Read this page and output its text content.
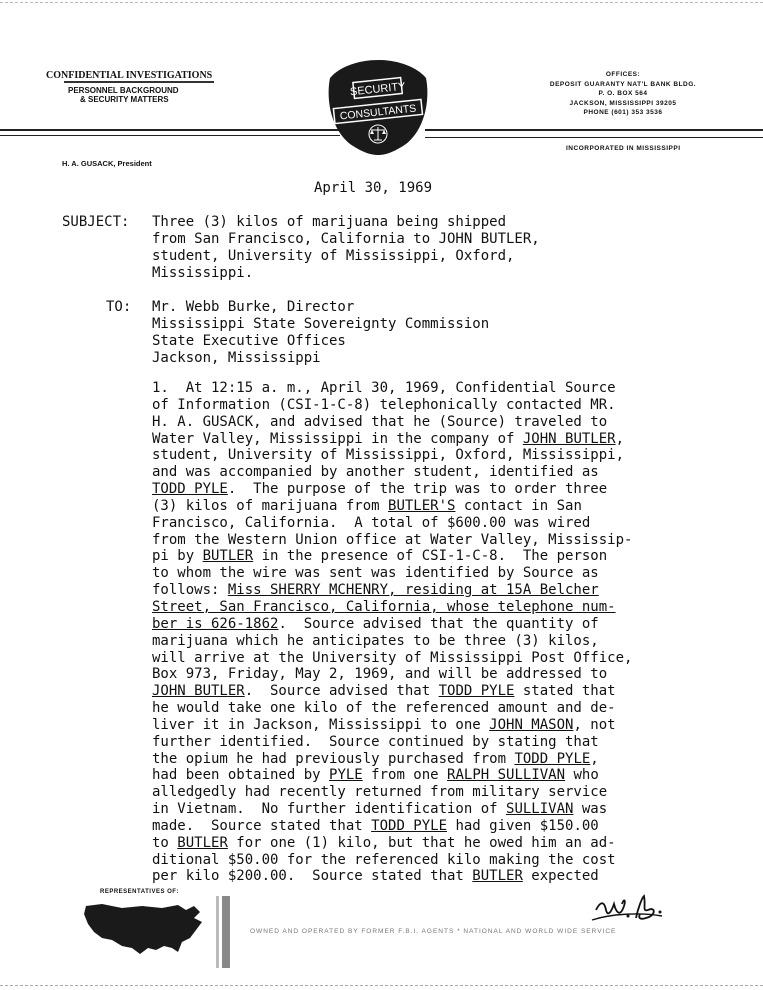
CONFIDENTIAL INVESTIGATIONS
PERSONNEL BACKGROUND
& SECURITY MATTERS
SECURITY
CONSULTANTS
OFFICES:
DEPOSIT GUARANTY NAT'L BANK BLDG.
P. O. BOX 564
JACKSON, MISSISSIPPI 39205
PHONE (601) 353 3536
INCORPORATED IN MISSISSIPPI
H. A. GUSACK, President
April 30, 1969
SUBJECT: Three (3) kilos of marijuana being shipped
from San Francisco, California to JOHN BUTLER,
student, University of Mississippi, Oxford,
Mississippi.
TO: Mr. Webb Burke, Director
Mississippi State Sovereignty Commission
State Executive Offices
Jackson, Mississippi
1.  At 12:15 a. m., April 30, 1969, Confidential Source
of Information (CSI-1-C-8) telephonically contacted MR.
H. A. GUSACK, and advised that he (Source) traveled to
Water Valley, Mississippi in the company of JOHN BUTLER,
student, University of Mississippi, Oxford, Mississippi,
and was accompanied by another student, identified as
TODD PYLE.  The purpose of the trip was to order three
(3) kilos of marijuana from BUTLER'S contact in San
Francisco, California.  A total of $600.00 was wired
from the Western Union office at Water Valley, Mississip-
pi by BUTLER in the presence of CSI-1-C-8.  The person
to whom the wire was sent was identified by Source as
follows: Miss SHERRY MCHENRY, residing at 15A Belcher
Street, San Francisco, California, whose telephone num-
ber is 626-1862.  Source advised that the quantity of
marijuana which he anticipates to be three (3) kilos,
will arrive at the University of Mississippi Post Office,
Box 973, Friday, May 2, 1969, and will be addressed to
JOHN BUTLER.  Source advised that TODD PYLE stated that
he would take one kilo of the referenced amount and de-
liver it in Jackson, Mississippi to one JOHN MASON, not
further identified.  Source continued by stating that
the opium he had previously purchased from TODD PYLE,
had been obtained by PYLE from one RALPH SULLIVAN who
alledgedly had recently returned from military service
in Vietnam.  No further identification of SULLIVAN was
made.  Source stated that TODD PYLE had given $150.00
to BUTLER for one (1) kilo, but that he owed him an ad-
ditional $50.00 for the referenced kilo making the cost
per kilo $200.00.  Source stated that BUTLER expected
REPRESENTATIVES OF:
OWNED AND OPERATED BY FORMER F.B.I. AGENTS * NATIONAL AND WORLD WIDE SERVICE
